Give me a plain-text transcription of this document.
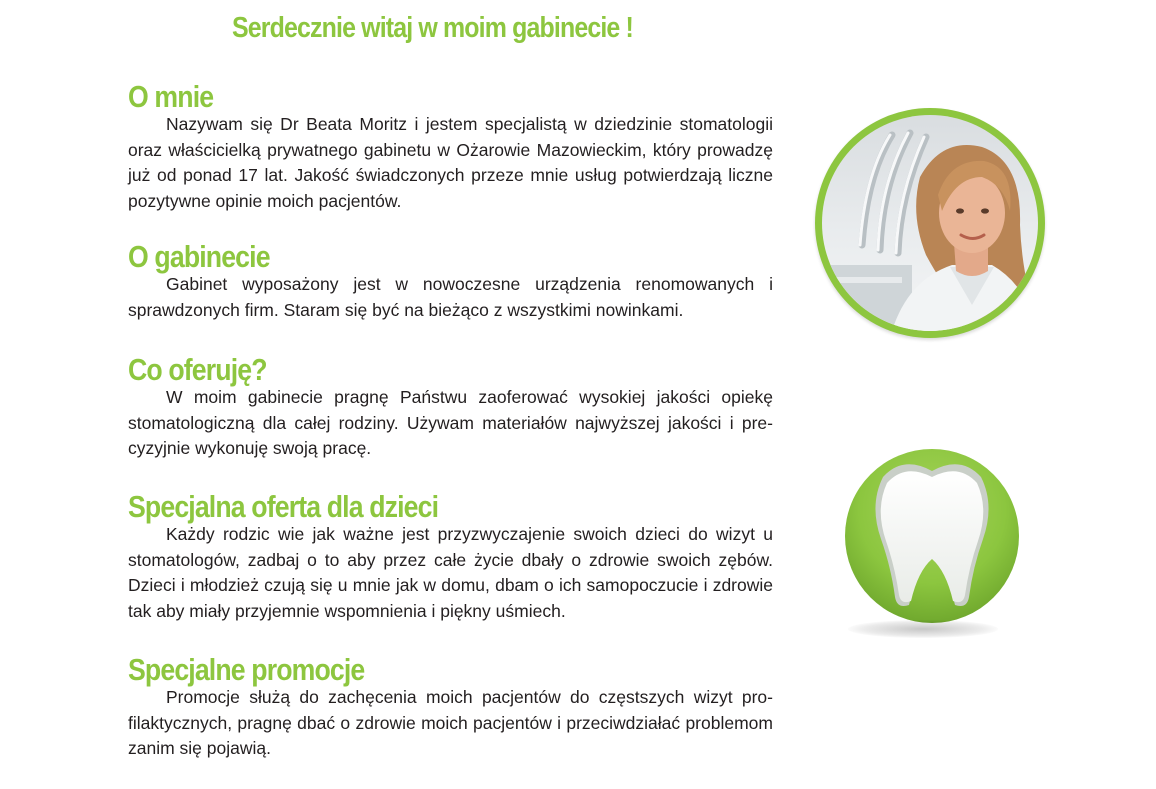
Serdecznie witaj w moim gabinecie !
O mnie

Nazywam się Dr Beata Moritz i jestem specjalistą w dziedzinie stomatologii oraz właścicielką prywatnego gabinetu w Ożarowie Mazowieckim, który prowadzę już od ponad 17 lat. Jakość świadczonych przeze mnie usług potwierdzają liczne pozytywne opinie moich pacjentów.

O gabinecie

Gabinet wyposażony jest w nowoczesne urządzenia renomowanych i sprawdzonych firm. Staram się być na bieżąco z wszystkimi nowinkami.

Co oferuję?

W moim gabinecie pragnę Państwu zaoferować wysokiej jakości opiekę stomatologiczną dla całej rodziny. Używam materiałów najwyższej jakości i precyzyjnie wykonuję swoją pracę.

Specjalna oferta dla dzieci

Każdy rodzic wie jak ważne jest przyzwyczajenie swoich dzieci do wizyt u stomatologów, zadbaj o to aby przez całe życie dbały o zdrowie swoich zębów. Dzieci i młodzież czują się u mnie jak w domu, dbam o ich samopoczucie i zdrowie tak aby miały przyjemnie wspomnienia i piękny uśmiech.

Specjalne promocje

Promocje służą do zachęcenia moich pacjentów do częstszych wizyt profilaktycznych, pragnę dbać o zdrowie moich pacjentów i przeciwdziałać problemom zanim się pojawią.
